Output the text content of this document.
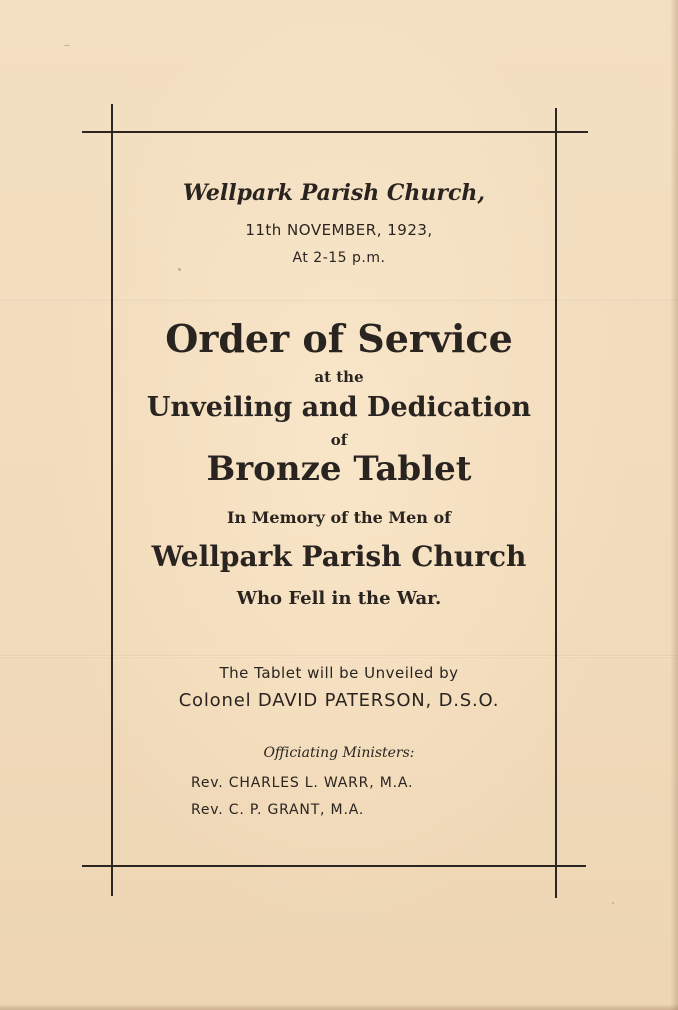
Wellpark Parish Church,
11th NOVEMBER, 1923,
At 2-15 p.m.
Order of Service
at the
Unveiling and Dedication
of
Bronze Tablet
In Memory of the Men of
Wellpark Parish Church
Who Fell in the War.
The Tablet will be Unveiled by
Colonel DAVID PATERSON, D.S.O.
Officiating Ministers:
Rev. CHARLES L. WARR, M.A.
Rev. C. P. GRANT, M.A.
